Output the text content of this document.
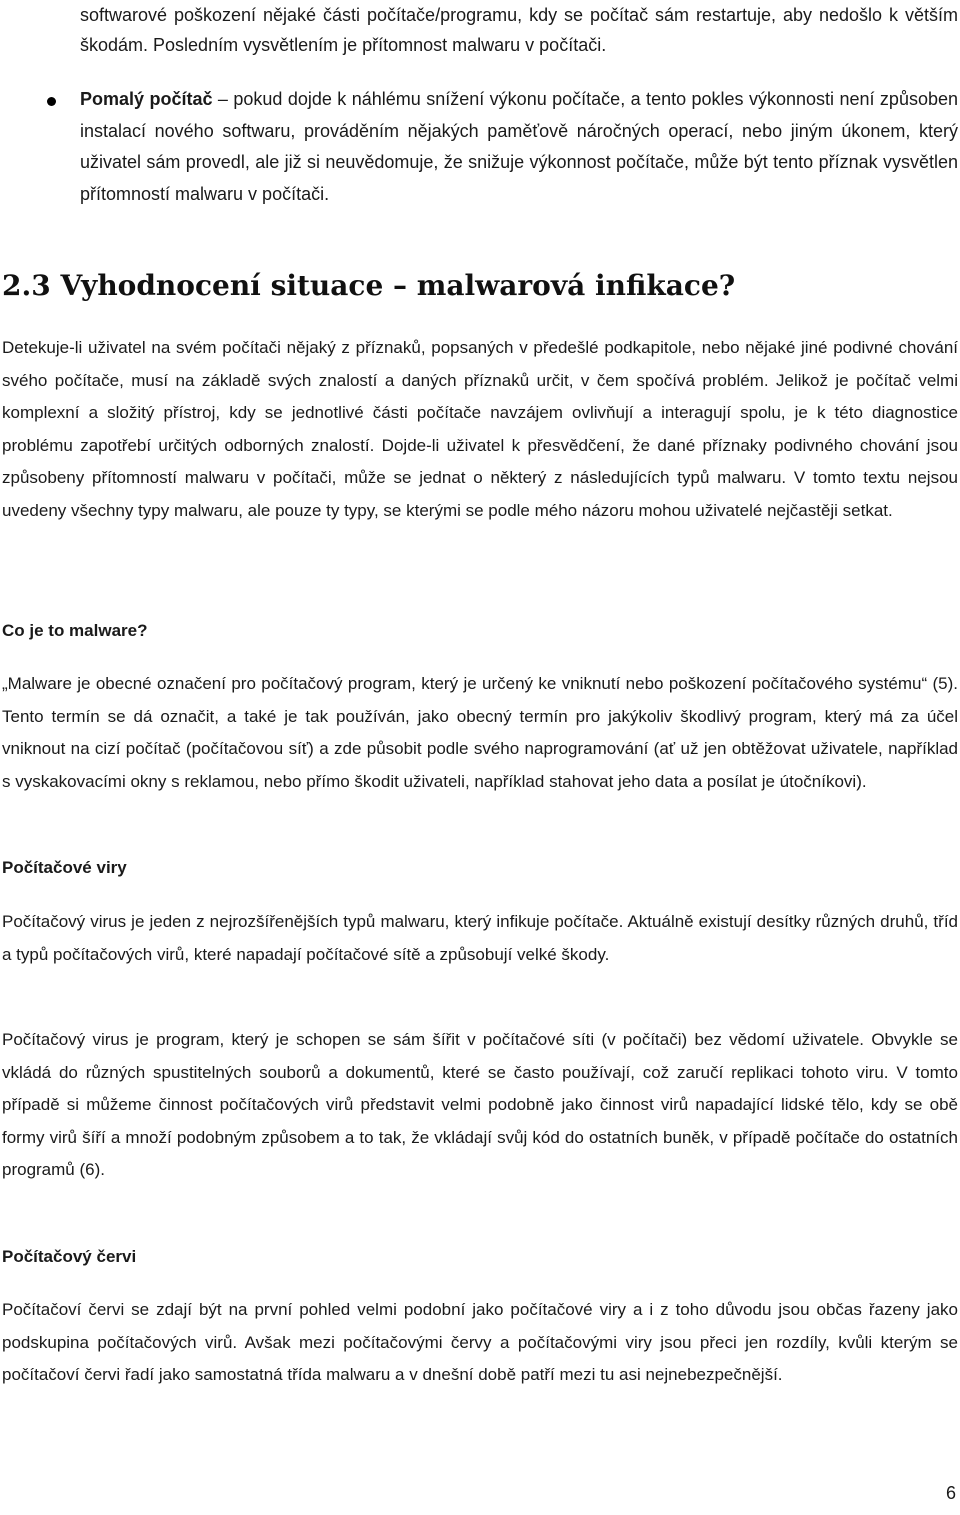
softwarové poškození nějaké části počítače/programu, kdy se počítač sám restartuje, aby nedošlo k větším škodám. Posledním vysvětlením je přítomnost malwaru v počítači.

Pomalý počítač – pokud dojde k náhlému snížení výkonu počítače, a tento pokles výkonnosti není způsoben instalací nového softwaru, prováděním nějakých paměťově náročných operací, nebo jiným úkonem, který uživatel sám provedl, ale již si neuvědomuje, že snižuje výkonnost počítače, může být tento příznak vysvětlen přítomností malwaru v počítači.

2.3 Vyhodnocení situace – malwarová infikace?

Detekuje-li uživatel na svém počítači nějaký z příznaků, popsaných v předešlé podkapitole, nebo nějaké jiné podivné chování svého počítače, musí na základě svých znalostí a daných příznaků určit, v čem spočívá problém. Jelikož je počítač velmi komplexní a složitý přístroj, kdy se jednotlivé části počítače navzájem ovlivňují a interagují spolu, je k této diagnostice problému zapotřebí určitých odborných znalostí. Dojde-li uživatel k přesvědčení, že dané příznaky podivného chování jsou způsobeny přítomností malwaru v počítači, může se jednat o některý z následujících typů malwaru. V tomto textu nejsou uvedeny všechny typy malwaru, ale pouze ty typy, se kterými se podle mého názoru mohou uživatelé nejčastěji setkat.

Co je to malware?

„Malware je obecné označení pro počítačový program, který je určený ke vniknutí nebo poškození počítačového systému“ (5). Tento termín se dá označit, a také je tak používán, jako obecný termín pro jakýkoliv škodlivý program, který má za účel vniknout na cizí počítač (počítačovou síť) a zde působit podle svého naprogramování (ať už jen obtěžovat uživatele, například s vyskakovacími okny s reklamou, nebo přímo škodit uživateli, například stahovat jeho data a posílat je útočníkovi).

Počítačové viry

Počítačový virus je jeden z nejrozšířenějších typů malwaru, který infikuje počítače. Aktuálně existují desítky různých druhů, tříd a typů počítačových virů, které napadají počítačové sítě a způsobují velké škody.

Počítačový virus je program, který je schopen se sám šířit v počítačové síti (v počítači) bez vědomí uživatele. Obvykle se vkládá do různých spustitelných souborů a dokumentů, které se často používají, což zaručí replikaci tohoto viru. V tomto případě si můžeme činnost počítačových virů představit velmi podobně jako činnost virů napadající lidské tělo, kdy se obě formy virů šíří a množí podobným způsobem a to tak, že vkládají svůj kód do ostatních buněk, v případě počítače do ostatních programů (6).

Počítačový červi

Počítačoví červi se zdají být na první pohled velmi podobní jako počítačové viry a i z toho důvodu jsou občas řazeny jako podskupina počítačových virů. Avšak mezi počítačovými červy a počítačovými viry jsou přeci jen rozdíly, kvůli kterým se počítačoví červi řadí jako samostatná třída malwaru a v dnešní době patří mezi tu asi nejnebezpečnější.

6
